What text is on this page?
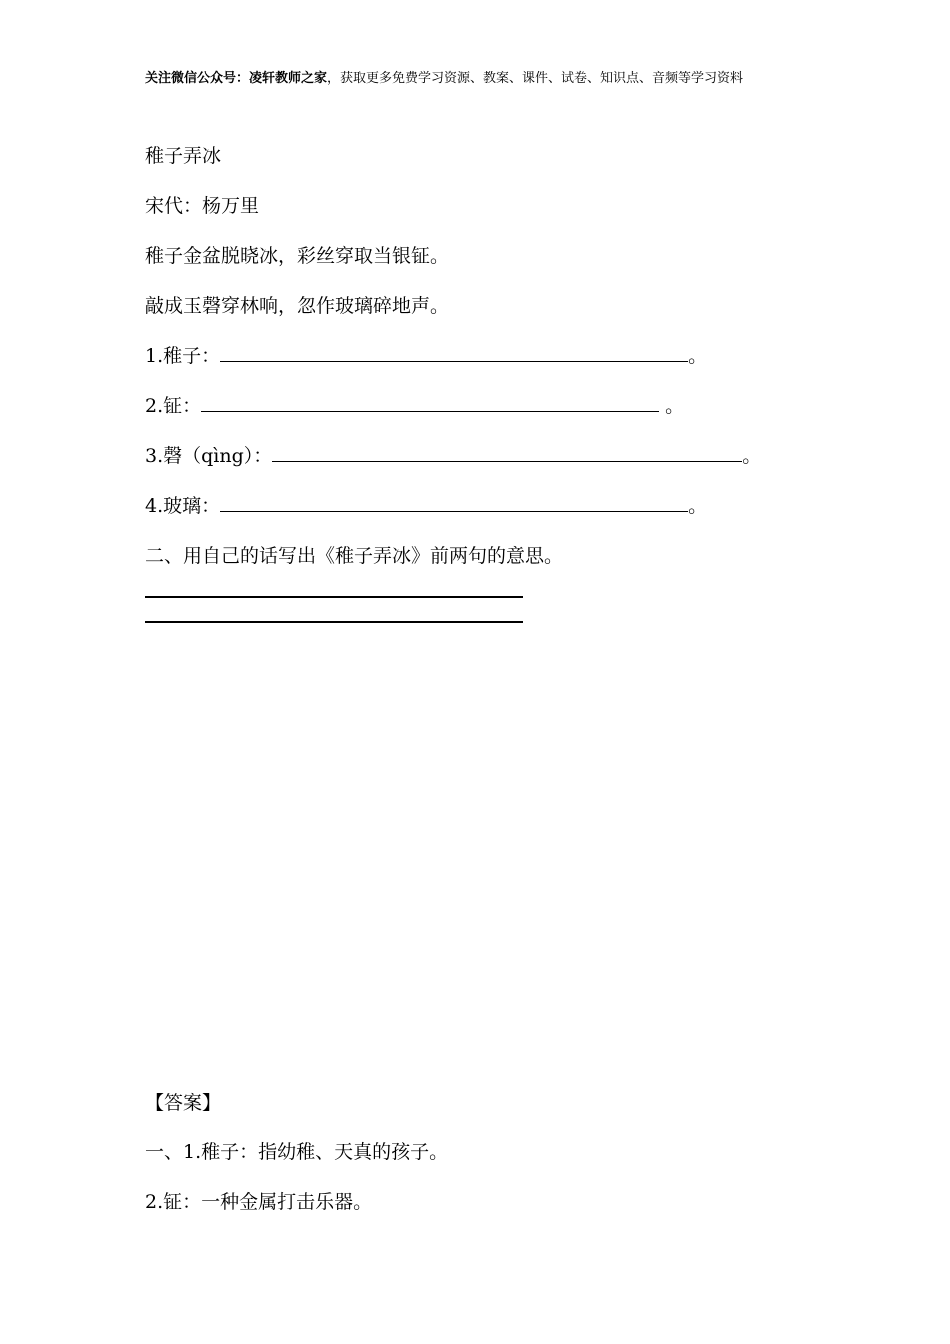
关注微信公众号：凌轩教师之家，获取更多免费学习资源、教案、课件、试卷、知识点、音频等学习资料
稚子弄冰
宋代：杨万里
稚子金盆脱晓冰，彩丝穿取当银钲。
敲成玉磬穿林响，忽作玻璃碎地声。
1.稚子：	。
2.钲：	。
3.磬（qìng）：	。
4.玻璃：	。
二、用自己的话写出《稚子弄冰》前两句的意思。
【答案】
一、1.稚子：指幼稚、天真的孩子。
2.钲：一种金属打击乐器。
